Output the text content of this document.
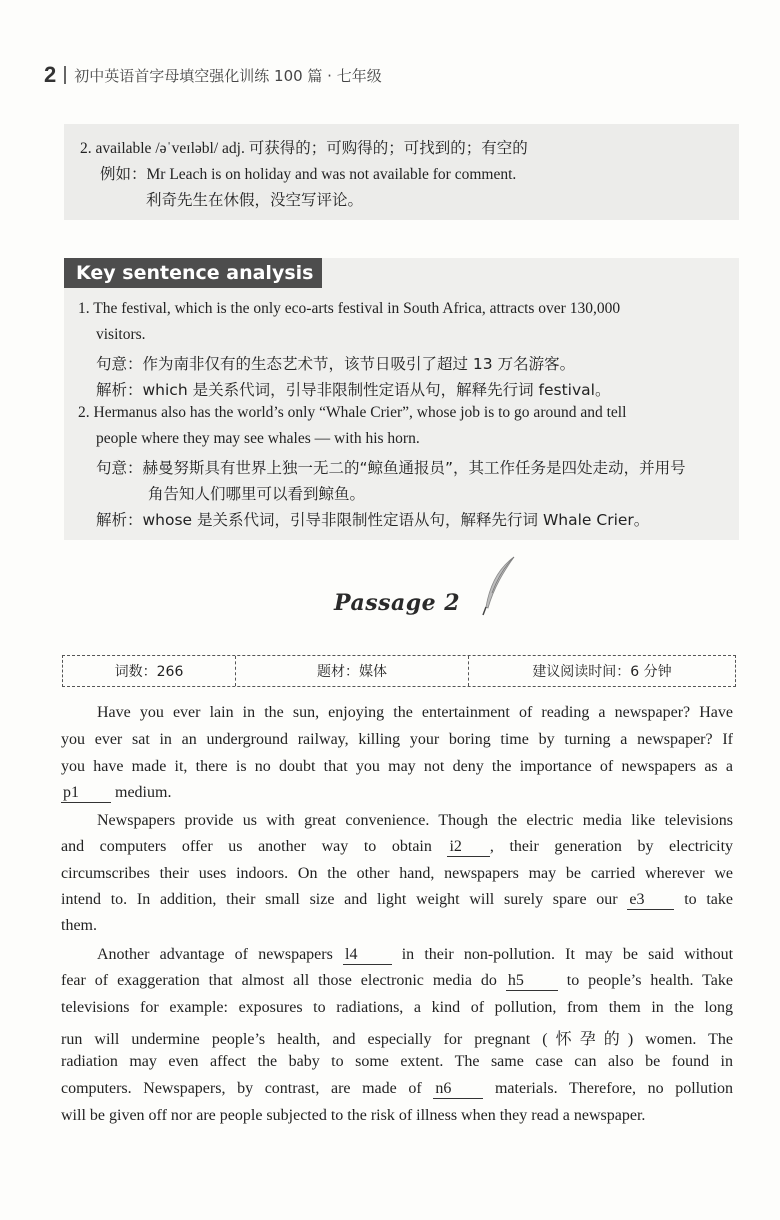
2 初中英语首字母填空强化训练 100 篇 · 七年级
2. available /əˈveɪləbl/ adj. 可获得的；可购得的；可找到的；有空的
例如：Mr Leach is on holiday and was not available for comment.
利奇先生在休假，没空写评论。
1. The festival, which is the only eco-arts festival in South Africa, attracts over 130,000
visitors.
句意：作为南非仅有的生态艺术节，该节日吸引了超过 13 万名游客。
解析：which 是关系代词，引导非限制性定语从句，解释先行词 festival。
2. Hermanus also has the world’s only “Whale Crier”, whose job is to go around and tell
people where they may see whales — with his horn.
句意：赫曼努斯具有世界上独一无二的“鲸鱼通报员”，其工作任务是四处走动，并用号
角告知人们哪里可以看到鲸鱼。
解析：whose 是关系代词，引导非限制性定语从句，解释先行词 Whale Crier。
Key sentence analysis
Passage 2
词数：266	题材：媒体	建议阅读时间：6 分钟
Have you ever lain in the sun, enjoying the entertainment of reading a newspaper? Have
you ever sat in an underground railway, killing your boring time by turning a newspaper? If
you have made it, there is no doubt that you may not deny the importance of newspapers as a
p1 medium.
Newspapers provide us with great convenience. Though the electric media like televisions
and computers offer us another way to obtain i2 , their generation by electricity
circumscribes their uses indoors. On the other hand, newspapers may be carried wherever we
intend to. In addition, their small size and light weight will surely spare our e3 to take
them.
Another advantage of newspapers l4	in their non-pollution. It may be said without
fear of exaggeration that almost all those electronic media do h5	to people’s health. Take
televisions for example: exposures to radiations, a kind of pollution, from them in the long
run will undermine people’s health, and especially for pregnant (怀孕的) women. The
radiation may even affect the baby to some extent. The same case can also be found in
computers. Newspapers, by contrast, are made of n6	materials. Therefore, no pollution
will be given off nor are people subjected to the risk of illness when they read a newspaper.
